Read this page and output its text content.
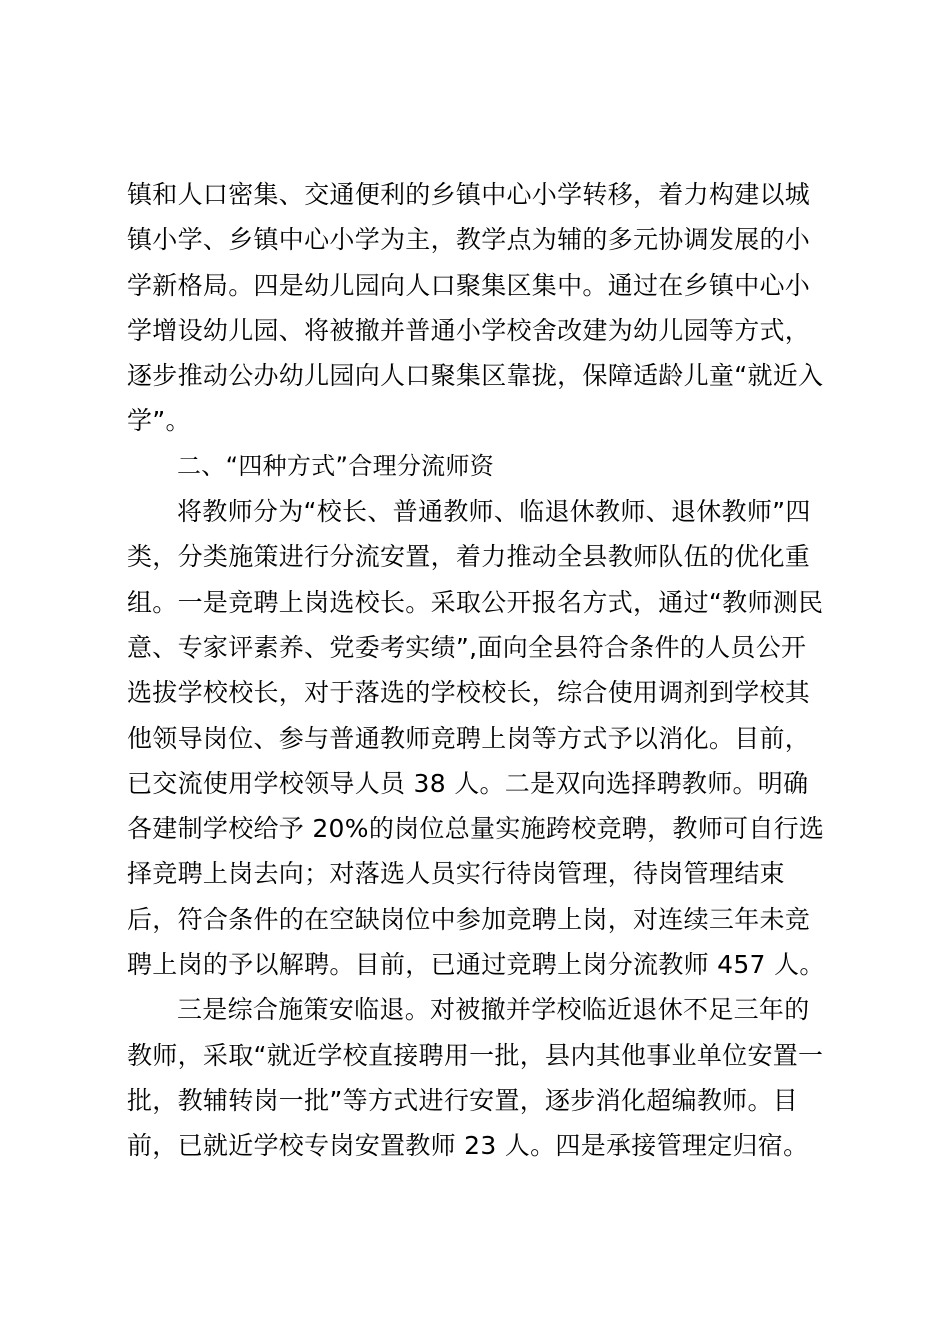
镇和人口密集、交通便利的乡镇中心小学转移，着力构建以城
镇小学、乡镇中心小学为主，教学点为辅的多元协调发展的小
学新格局。四是幼儿园向人口聚集区集中。通过在乡镇中心小
学增设幼儿园、将被撤并普通小学校舍改建为幼儿园等方式，
逐步推动公办幼儿园向人口聚集区靠拢，保障适龄儿童“就近入
学”。
二、“四种方式”合理分流师资
将教师分为“校长、普通教师、临退休教师、退休教师”四
类，分类施策进行分流安置，着力推动全县教师队伍的优化重
组。一是竞聘上岗选校长。采取公开报名方式，通过“教师测民
意、专家评素养、党委考实绩”,面向全县符合条件的人员公开
选拔学校校长，对于落选的学校校长，综合使用调剂到学校其
他领导岗位、参与普通教师竞聘上岗等方式予以消化。目前，
已交流使用学校领导人员 38 人。二是双向选择聘教师。明确
各建制学校给予 20%的岗位总量实施跨校竞聘，教师可自行选
择竞聘上岗去向；对落选人员实行待岗管理，待岗管理结束
后，符合条件的在空缺岗位中参加竞聘上岗，对连续三年未竞
聘上岗的予以解聘。目前，已通过竞聘上岗分流教师 457 人。
三是综合施策安临退。对被撤并学校临近退休不足三年的
教师，采取“就近学校直接聘用一批，县内其他事业单位安置一
批，教辅转岗一批”等方式进行安置，逐步消化超编教师。目
前，已就近学校专岗安置教师 23 人。四是承接管理定归宿。
